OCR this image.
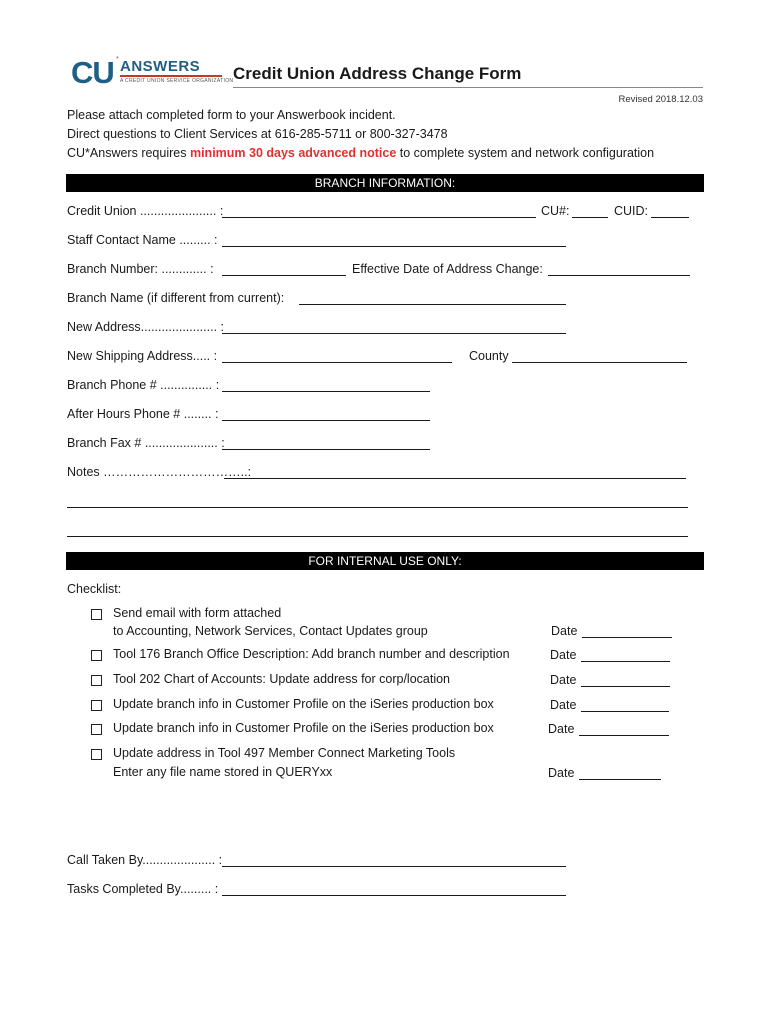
CU * ANSWERS
A CREDIT UNION SERVICE ORGANIZATION Credit Union Address Change Form
Revised 2018.12.03
Please attach completed form to your Answerbook incident.
Direct questions to Client Services at 616-285-5711 or 800-327-3478
CU*Answers requires minimum 30 days advanced notice to complete system and network configuration
BRANCH INFORMATION:
Credit Union ...................... :	CU#:	CUID:
Staff Contact Name ......... :
Branch Number: ............. :	Effective Date of Address Change:
Branch Name (if different from current):
New Address...................... :
New Shipping Address..... :	County
Branch Phone # ............... :
After Hours Phone # ........ :
Branch Fax # ..................... :
Notes ……………………………..:
FOR INTERNAL USE ONLY:
Checklist:
Send email with form attached
to Accounting, Network Services, Contact Updates group	Date
Tool 176 Branch Office Description: Add branch number and description	Date
Tool 202 Chart of Accounts: Update address for corp/location	Date
Update branch info in Customer Profile on the iSeries production box	Date
Update branch info in Customer Profile on the iSeries production box	Date
Update address in Tool 497 Member Connect Marketing Tools
Enter any file name stored in QUERYxx	Date
Call Taken By..................... :
Tasks Completed By......... :
